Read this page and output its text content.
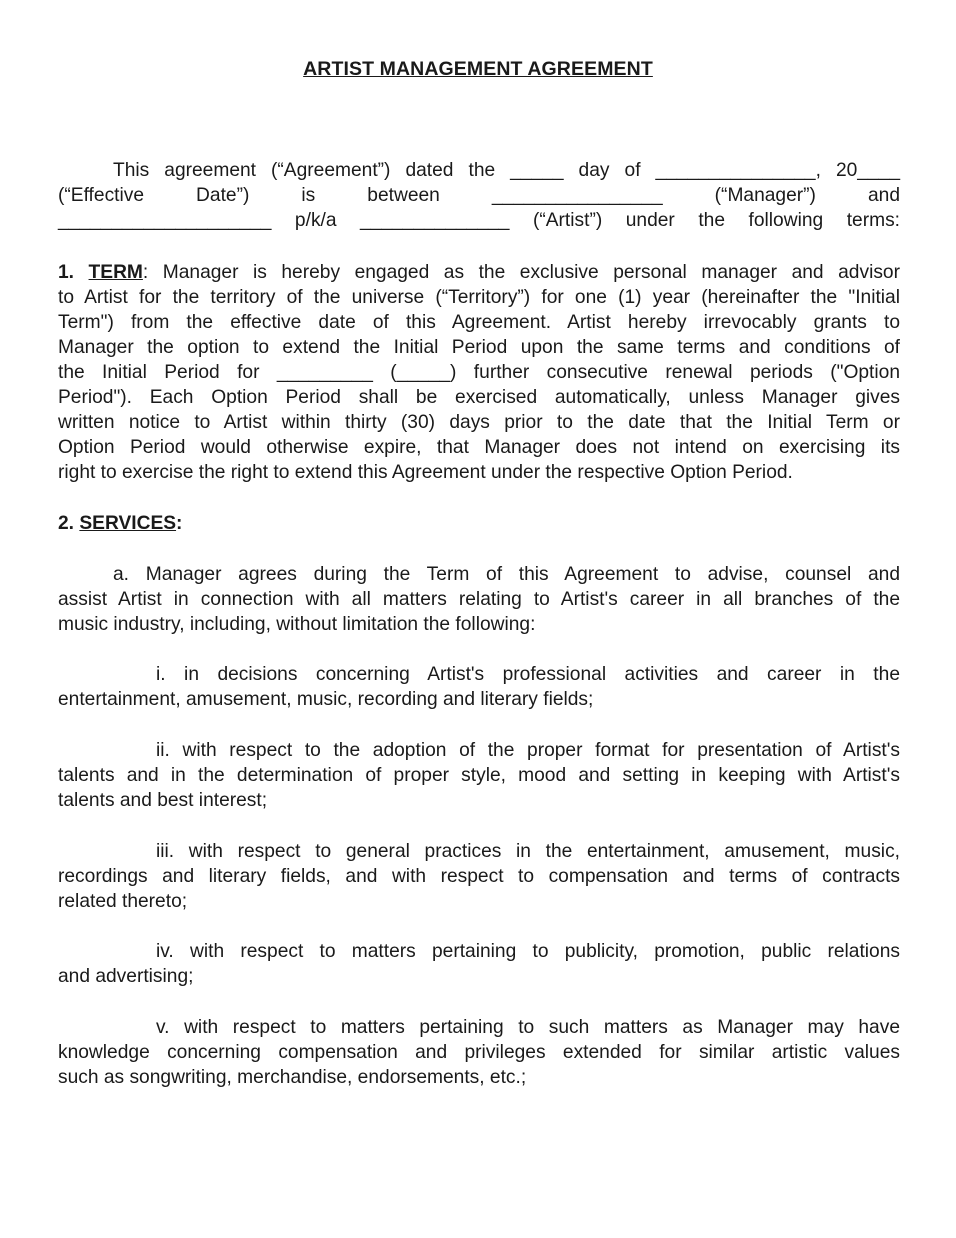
ARTIST MANAGEMENT AGREEMENT
This agreement (“Agreement”) dated the _____ day of _______________, 20____
(“Effective Date”) is between ________________ (“Manager”) and
____________________ p/k/a ______________ (“Artist”) under the following terms:
1. TERM: Manager is hereby engaged as the exclusive personal manager and advisor
to Artist for the territory of the universe (“Territory”) for one (1) year (hereinafter the "Initial
Term") from the effective date of this Agreement. Artist hereby irrevocably grants to
Manager the option to extend the Initial Period upon the same terms and conditions of
the Initial Period for _________ (_____) further consecutive renewal periods ("Option
Period"). Each Option Period shall be exercised automatically, unless Manager gives
written notice to Artist within thirty (30) days prior to the date that the Initial Term or
Option Period would otherwise expire, that Manager does not intend on exercising its
right to exercise the right to extend this Agreement under the respective Option Period.
2. SERVICES:
a. Manager agrees during the Term of this Agreement to advise, counsel and
assist Artist in connection with all matters relating to Artist's career in all branches of the
music industry, including, without limitation the following:
i. in decisions concerning Artist's professional activities and career in the
entertainment, amusement, music, recording and literary fields;
ii. with respect to the adoption of the proper format for presentation of Artist's
talents and in the determination of proper style, mood and setting in keeping with Artist's
talents and best interest;
iii. with respect to general practices in the entertainment, amusement, music,
recordings and literary fields, and with respect to compensation and terms of contracts
related thereto;
iv. with respect to matters pertaining to publicity, promotion, public relations
and advertising;
v. with respect to matters pertaining to such matters as Manager may have
knowledge concerning compensation and privileges extended for similar artistic values
such as songwriting, merchandise, endorsements, etc.;
